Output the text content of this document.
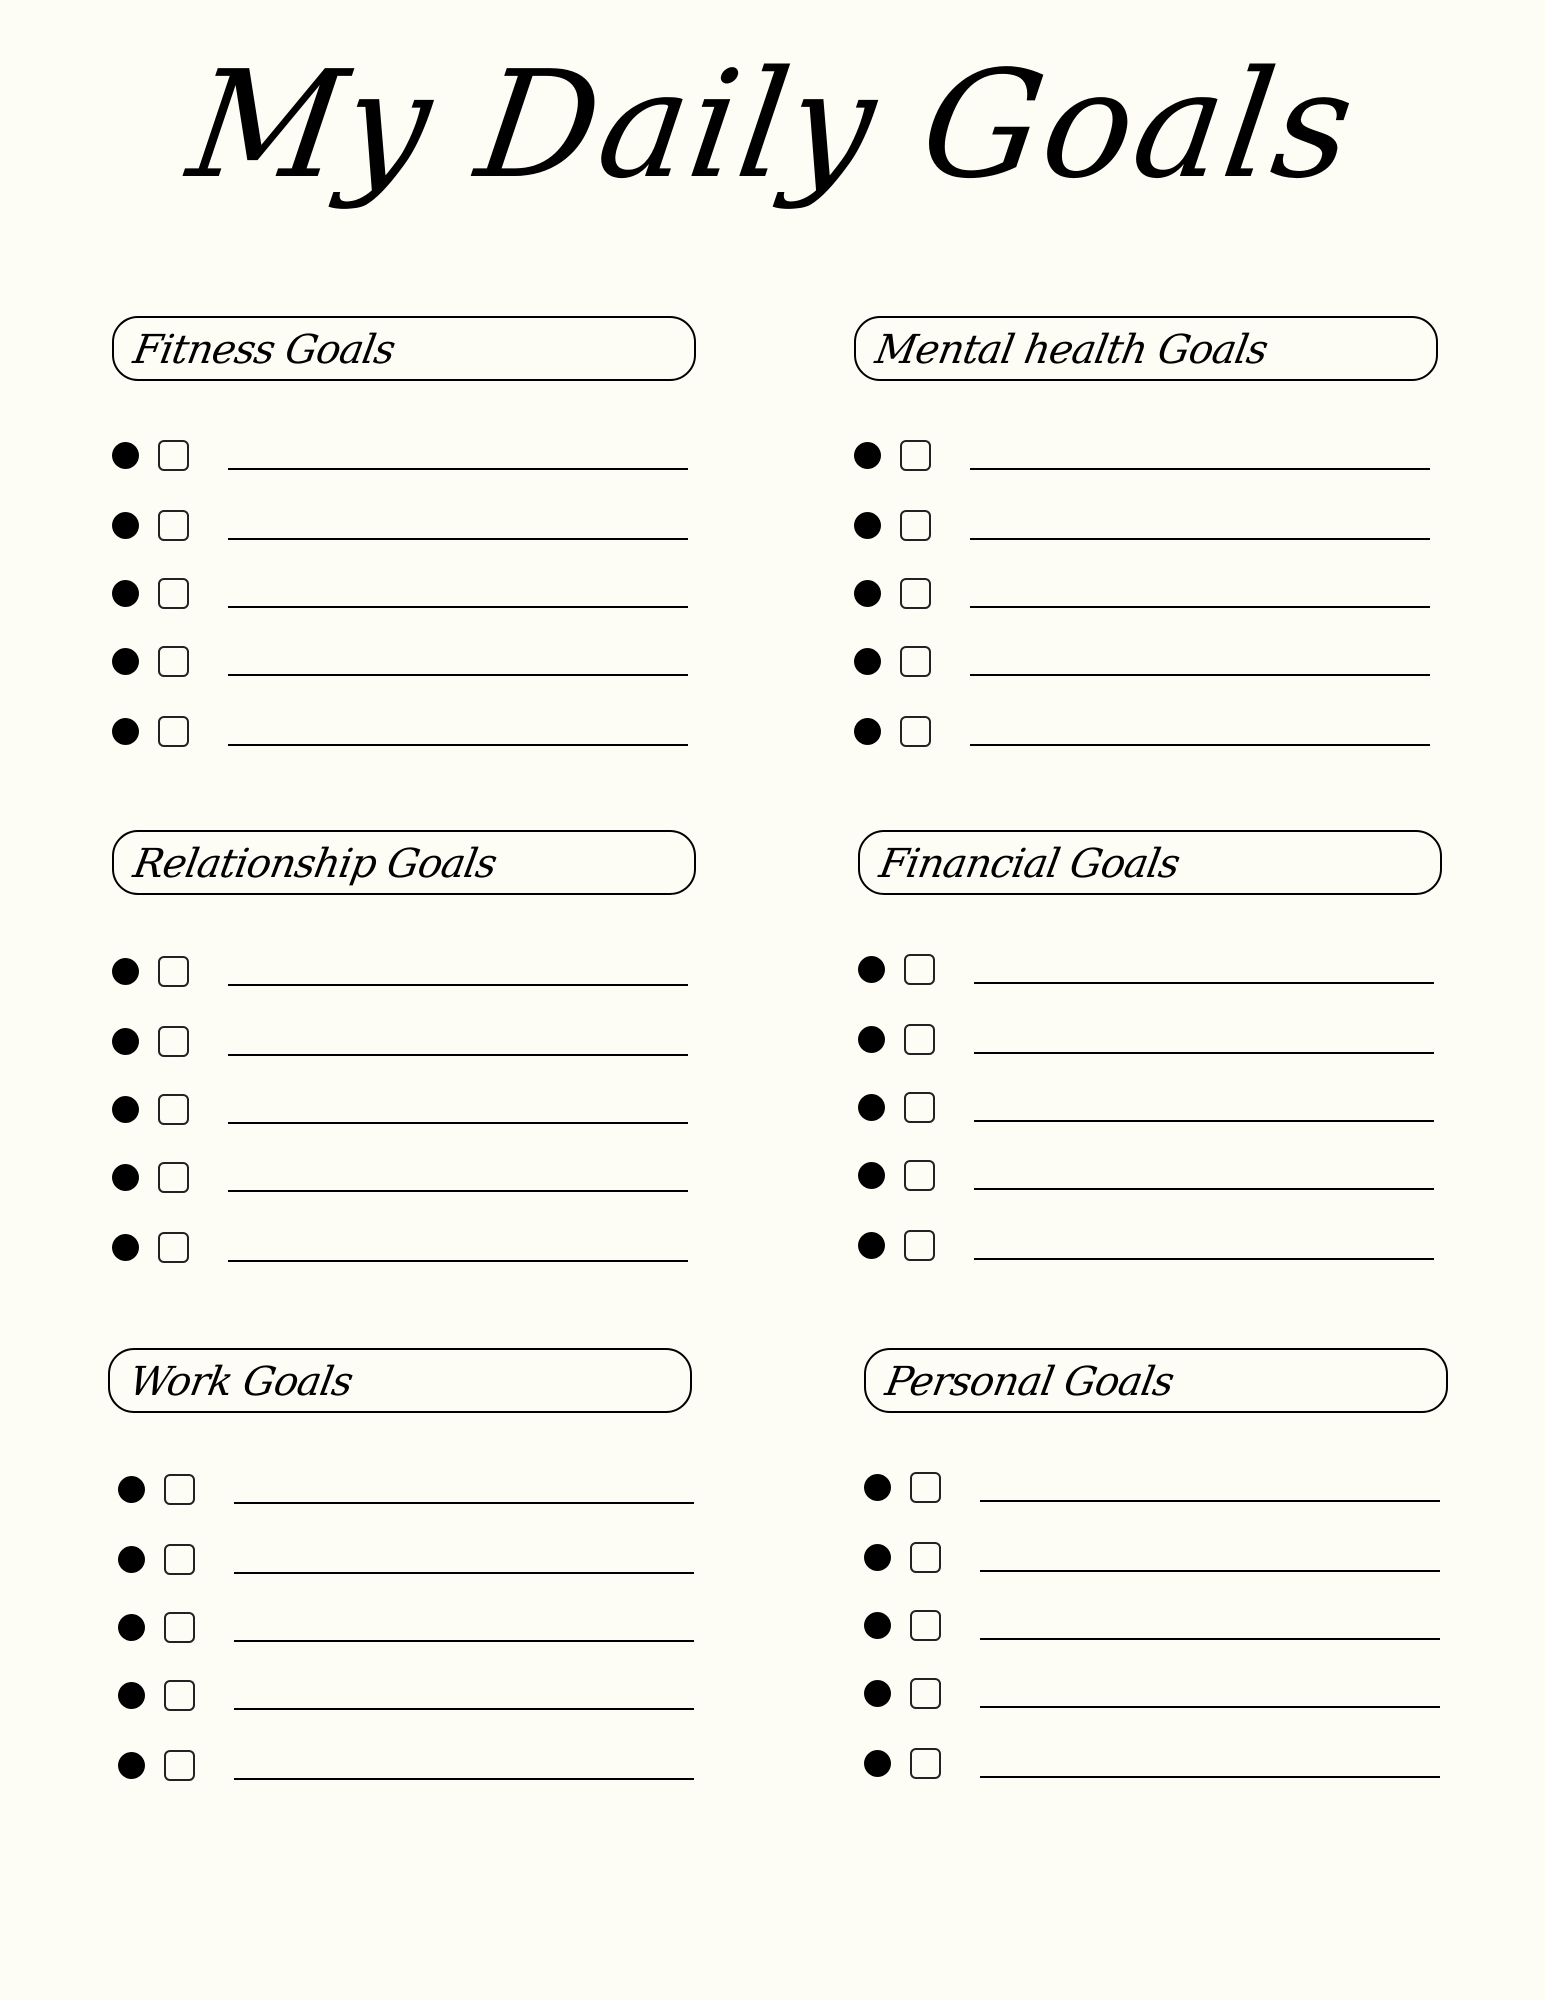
My Daily Goals
Fitness Goals	Mental health Goals
Relationship Goals	Financial Goals
Work Goals	Personal Goals
